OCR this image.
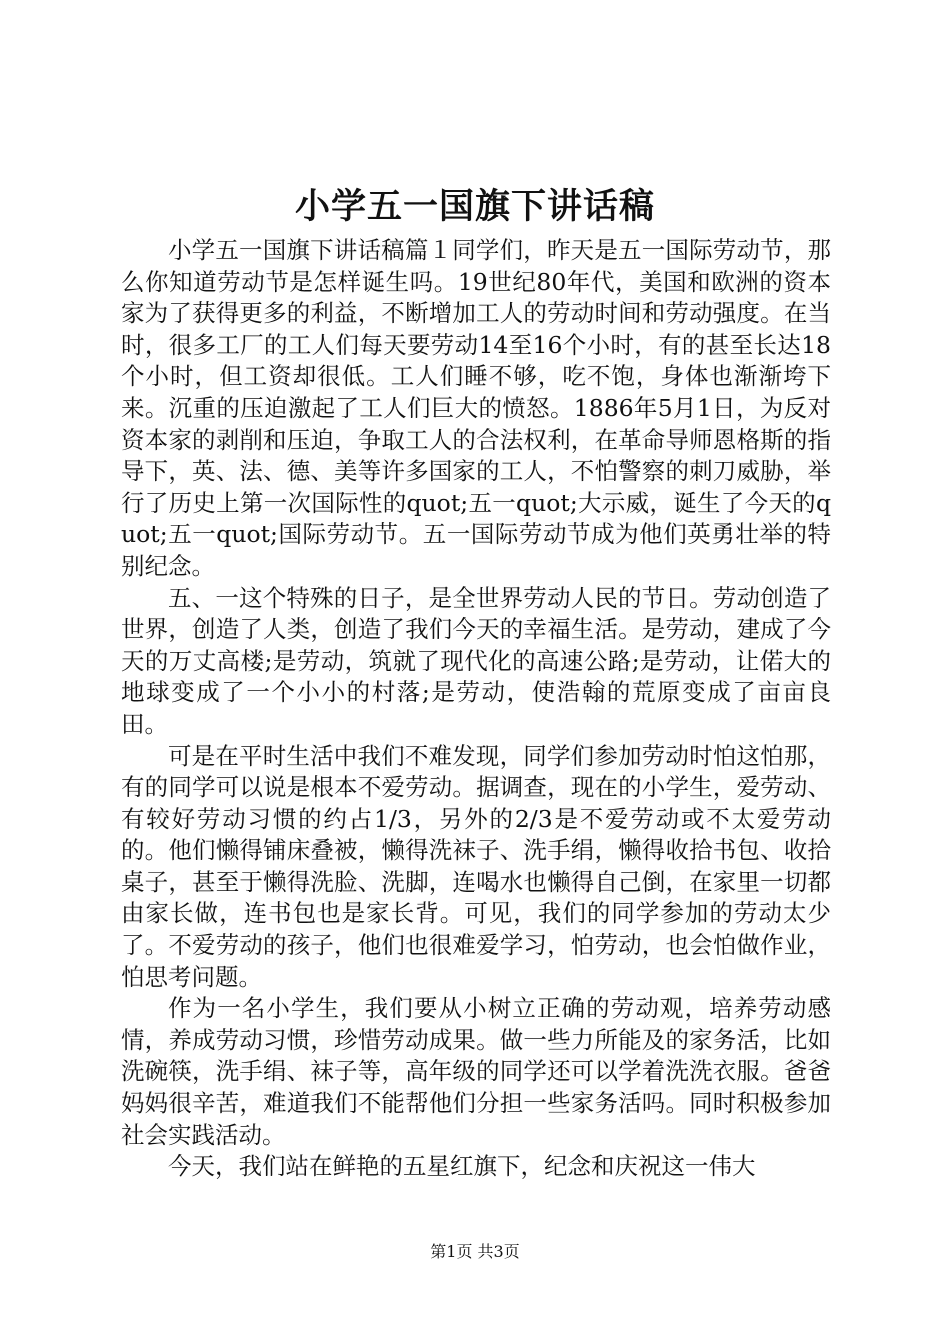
小学五一国旗下讲话稿

小学五一国旗下讲话稿篇１同学们，昨天是五一国际劳动节，那么你知道劳动节是怎样诞生吗。19世纪80年代，美国和欧洲的资本家为了获得更多的利益，不断增加工人的劳动时间和劳动强度。在当时，很多工厂的工人们每天要劳动14至16个小时，有的甚至长达18个小时，但工资却很低。工人们睡不够，吃不饱，身体也渐渐垮下来。沉重的压迫激起了工人们巨大的愤怒。1886年5月1日，为反对资本家的剥削和压迫，争取工人的合法权利，在革命导师恩格斯的指导下，英、法、德、美等许多国家的工人，不怕警察的刺刀威胁，举行了历史上第一次国际性的quot;五一quot;大示威，诞生了今天的quot;五一quot;国际劳动节。五一国际劳动节成为他们英勇壮举的特别纪念。

五、一这个特殊的日子，是全世界劳动人民的节日。劳动创造了世界，创造了人类，创造了我们今天的幸福生活。是劳动，建成了今天的万丈高楼;是劳动，筑就了现代化的高速公路;是劳动，让偌大的地球变成了一个小小的村落;是劳动，使浩翰的荒原变成了亩亩良田。

可是在平时生活中我们不难发现，同学们参加劳动时怕这怕那，有的同学可以说是根本不爱劳动。据调查，现在的小学生，爱劳动、有较好劳动习惯的约占1/3，另外的2/3是不爱劳动或不太爱劳动的。他们懒得铺床叠被，懒得洗袜子、洗手绢，懒得收拾书包、收拾桌子，甚至于懒得洗脸、洗脚，连喝水也懒得自己倒，在家里一切都由家长做，连书包也是家长背。可见，我们的同学参加的劳动太少了。不爱劳动的孩子，他们也很难爱学习，怕劳动，也会怕做作业，怕思考问题。

作为一名小学生，我们要从小树立正确的劳动观，培养劳动感情，养成劳动习惯，珍惜劳动成果。做一些力所能及的家务活，比如洗碗筷，洗手绢、袜子等，高年级的同学还可以学着洗洗衣服。爸爸妈妈很辛苦，难道我们不能帮他们分担一些家务活吗。同时积极参加社会实践活动。

今天，我们站在鲜艳的五星红旗下，纪念和庆祝这一伟大

第1页 共3页
